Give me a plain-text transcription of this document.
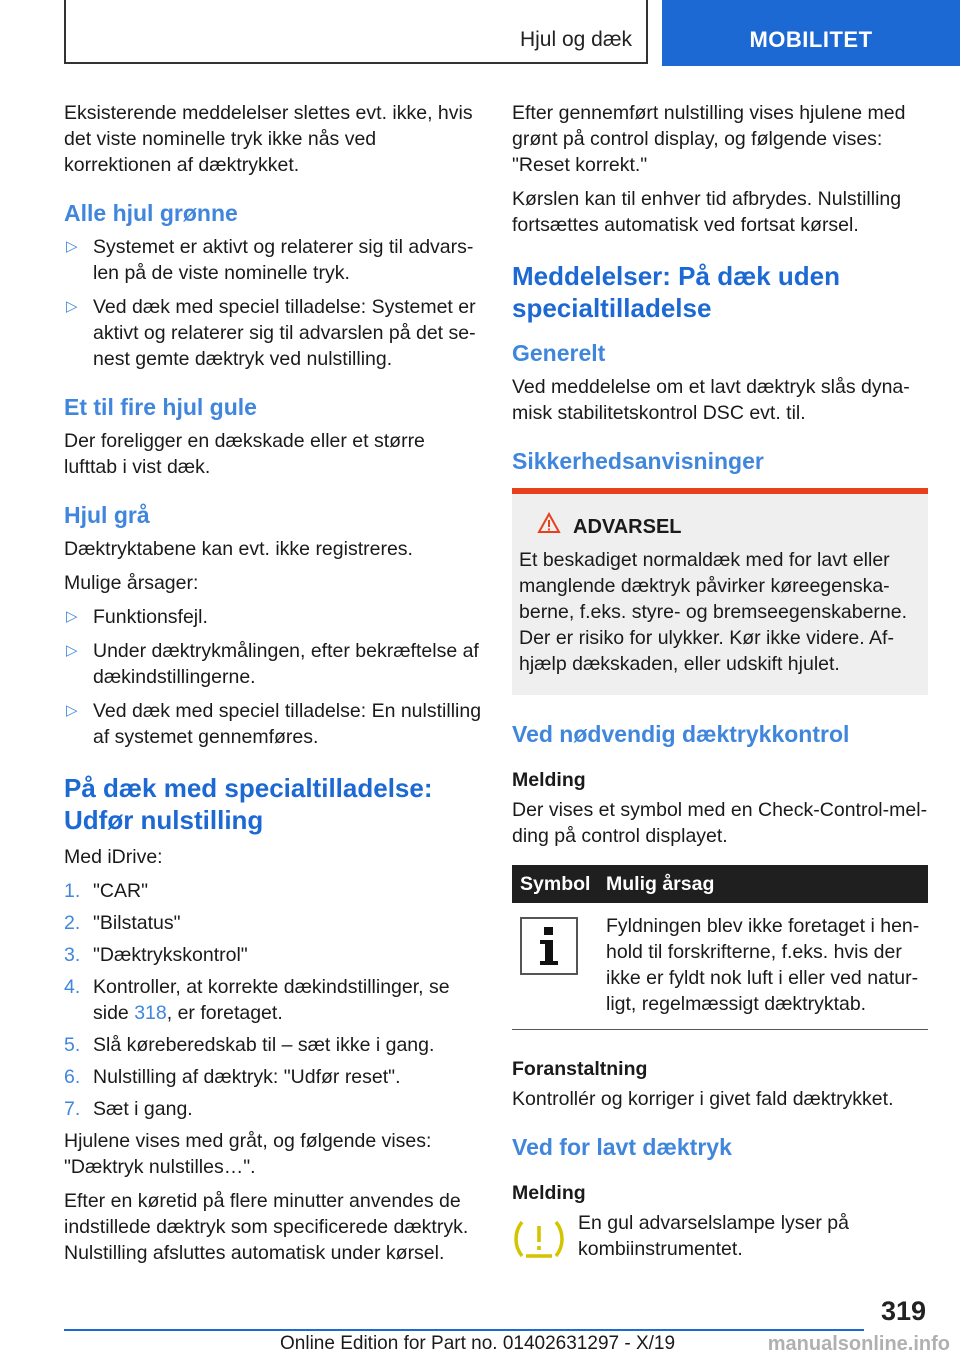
Hjul og dæk	MOBILITET

Eksisterende meddelelser slettes evt. ikke, hvis det viste nominelle tryk ikke nås ved korrektionen af dæktrykket.

Alle hjul grønne
▷ Systemet er aktivt og relaterer sig til advarslen på de viste nominelle tryk.
▷ Ved dæk med speciel tilladelse: Systemet er aktivt og relaterer sig til advarslen på det senest gemte dæktryk ved nulstilling.
Et til fire hjul gule

Der foreligger en dækskade eller et større lufttab i vist dæk.

Hjul grå

Dæktryktabene kan evt. ikke registreres.

Mulige årsager:

▷ Funktionsfejl.
▷ Under dæktrykmålingen, efter bekræftelse af dækindstillingerne.
▷ Ved dæk med speciel tilladelse: En nulstilling af systemet gennemføres.
På dæk med specialtilladelse: Udfør nulstilling

Med iDrive:

1. "CAR"
2. "Bilstatus"
3. "Dæktrykskontrol"
4. Kontroller, at korrekte dækindstillinger, se side 318, er foretaget.
5. Slå køreberedskab til – sæt ikke i gang.
6. Nulstilling af dæktryk: "Udfør reset".
7. Sæt i gang.

Hjulene vises med gråt, og følgende vises: "Dæktryk nulstilles…".

Efter en køretid på flere minutter anvendes de indstillede dæktryk som specificerede dæktryk. Nulstilling afsluttes automatisk under kørsel.

Efter gennemført nulstilling vises hjulene med grønt på control display, og følgende vises: "Reset korrekt."

Kørslen kan til enhver tid afbrydes. Nulstilling fortsættes automatisk ved fortsat kørsel.

Meddelelser: På dæk uden specialtilladelse
Generelt

Ved meddelelse om et lavt dæktryk slås dynamisk stabilitetskontrol DSC evt. til.

Sikkerhedsanvisninger
ADVARSEL

Et beskadiget normaldæk med for lavt eller manglende dæktryk påvirker køreegenskaberne, f.eks. styre- og bremseegenskaberne. Der er risiko for ulykker. Kør ikke videre. Afhjælp dækskaden, eller udskift hjulet.

Ved nødvendig dæktrykkontrol
Melding

Der vises et symbol med en Check-Control-melding på control displayet.

Symbol Mulig årsag
Fyldningen blev ikke foretaget i henhold til forskrifterne, f.eks. hvis der ikke er fyldt nok luft i eller ved naturligt, regelmæssigt dæktryktab.
Foranstaltning

Kontrollér og korriger i givet fald dæktrykket.

Ved for lavt dæktryk
Melding

En gul advarselslampe lyser på kombiinstrumentet.

319
Online Edition for Part no. 01402631297 - X/19	manualsonline.info
